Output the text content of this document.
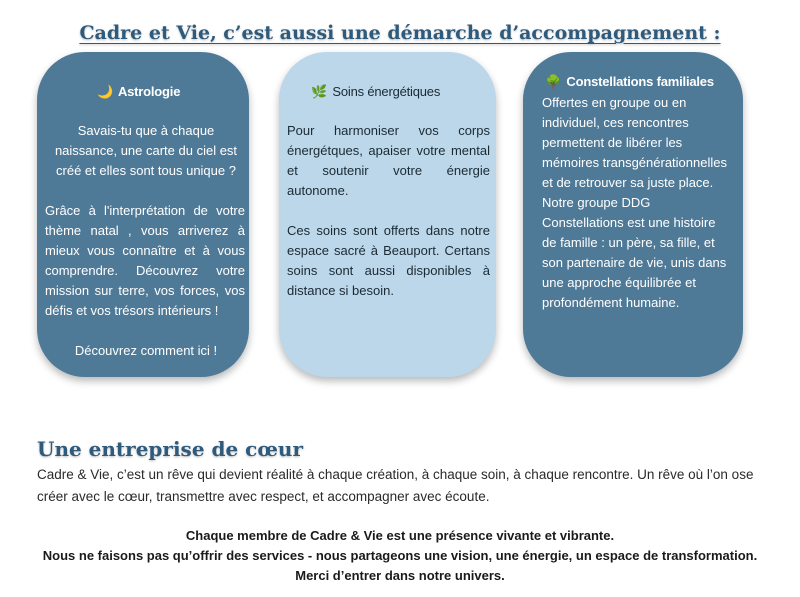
Cadre et Vie, c’est aussi une démarche d’accompagnement :
🌙 Astrologie
Savais-tu que à chaque naissance, une carte du ciel est créé et elles sont tous unique ?
Grâce à l'interprétation de votre thème natal , vous arriverez à mieux vous connaître et à vous comprendre. Découvrez votre mission sur terre, vos forces, vos défis et vos trésors intérieurs !
Découvrez comment ici !
🌿 Soins énergétiques
Pour harmoniser vos corps énergétques, apaiser votre mental et soutenir votre énergie autonome.
Ces soins sont offerts dans notre espace sacré à Beauport. Certans soins sont aussi disponibles à distance si besoin.
🌳 Constellations familiales
Offertes en groupe ou en individuel, ces rencontres permettent de libérer les mémoires transgénérationnelles et de retrouver sa juste place.
Notre groupe DDG Constellations est une histoire de famille : un père, sa fille, et son partenaire de vie, unis dans une approche équilibrée et profondément humaine.
Une entreprise de cœur

Cadre & Vie, c’est un rêve qui devient réalité à chaque création, à chaque soin, à chaque rencontre. Un rêve où l’on ose créer avec le cœur, transmettre avec respect, et accompagner avec écoute.

Chaque membre de Cadre & Vie est une présence vivante et vibrante.
Nous ne faisons pas qu’offrir des services - nous partageons une vision, une énergie, un espace de transformation.
Merci d’entrer dans notre univers.
